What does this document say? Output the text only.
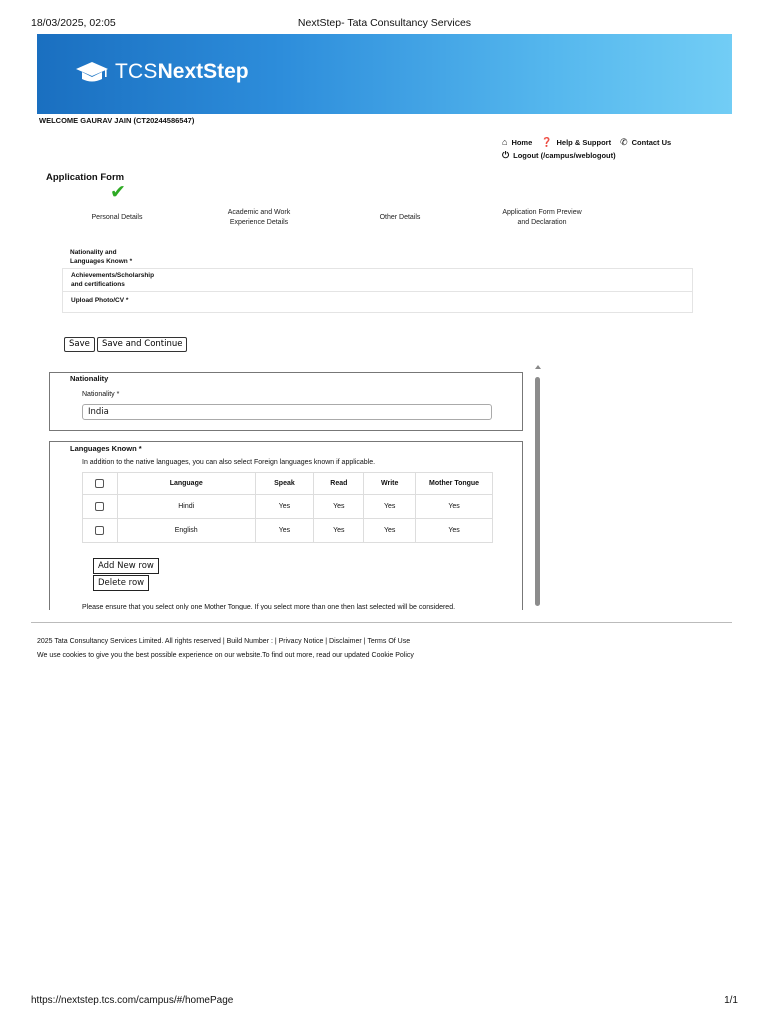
18/03/2025, 02:05	NextStep- Tata Consultancy Services
TCS NextStep
WELCOME GAURAV JAIN (CT20244586547)
⌂ Home ❓ Help & Support ✆ Contact Us
⏻ Logout (/campus/weblogout)
Application Form
✔
Personal Details
Academic and Work
Experience Details
Other Details
Application Form Preview
and Declaration
Nationality and
Languages Known *
Achievements/Scholarship
and certifications
Upload Photo/CV *
Save	Save and Continue
Nationality
Nationality *
India
Languages Known *
In addition to the native languages, you can also select Foreign languages known if applicable.
	Language	Speak	Read	Write	Mother Tongue
	Hindi	Yes	Yes	Yes	Yes
	English	Yes	Yes	Yes	Yes
Add New row
Delete row
Please ensure that you select only one Mother Tongue. If you select more than one then last selected will be considered.
2025 Tata Consultancy Services Limited. All rights reserved | Build Number : | Privacy Notice | Disclaimer | Terms Of Use
We use cookies to give you the best possible experience on our website.To find out more, read our updated Cookie Policy
https://nextstep.tcs.com/campus/#/homePage	1/1
